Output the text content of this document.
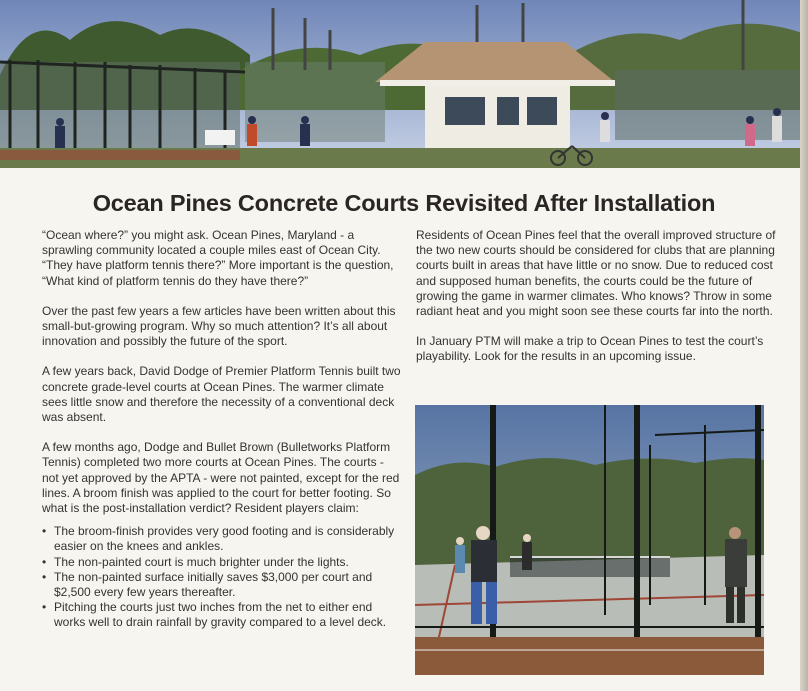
Ocean Pines Concrete Courts Revisited After Installation

“Ocean where?” you might ask. Ocean Pines, Maryland - a sprawling community located a couple miles east of Ocean City. “They have platform tennis there?” More important is the question, “What kind of platform tennis do they have there?”

Over the past few years a few articles have been written about this small-but-growing program. Why so much attention? It’s all about innovation and possibly the future of the sport.

A few years back, David Dodge of Premier Platform Tennis built two concrete grade-level courts at Ocean Pines. The warmer climate sees little snow and therefore the necessity of a conventional deck was absent.

A few months ago, Dodge and Bullet Brown (Bulletworks Platform Tennis) completed two more courts at Ocean Pines. The courts - not yet approved by the APTA - were not painted, except for the red lines. A broom finish was applied to the court for better footing. So what is the post-installation verdict? Resident players claim:

• The broom-finish provides very good footing and is considerably easier on the knees and ankles.
• The non-painted court is much brighter under the lights.
• The non-painted surface initially saves $3,000 per court and $2,500 every few years thereafter.
• Pitching the courts just two inches from the net to either end works well to drain rainfall by gravity compared to a level deck.

Residents of Ocean Pines feel that the overall improved structure of the two new courts should be considered for clubs that are planning courts built in areas that have little or no snow. Due to reduced cost and supposed human benefits, the courts could be the future of growing the game in warmer climates. Who knows? Throw in some radiant heat and you might soon see these courts far into the north.

In January PTM will make a trip to Ocean Pines to test the court’s playability. Look for the results in an upcoming issue.
